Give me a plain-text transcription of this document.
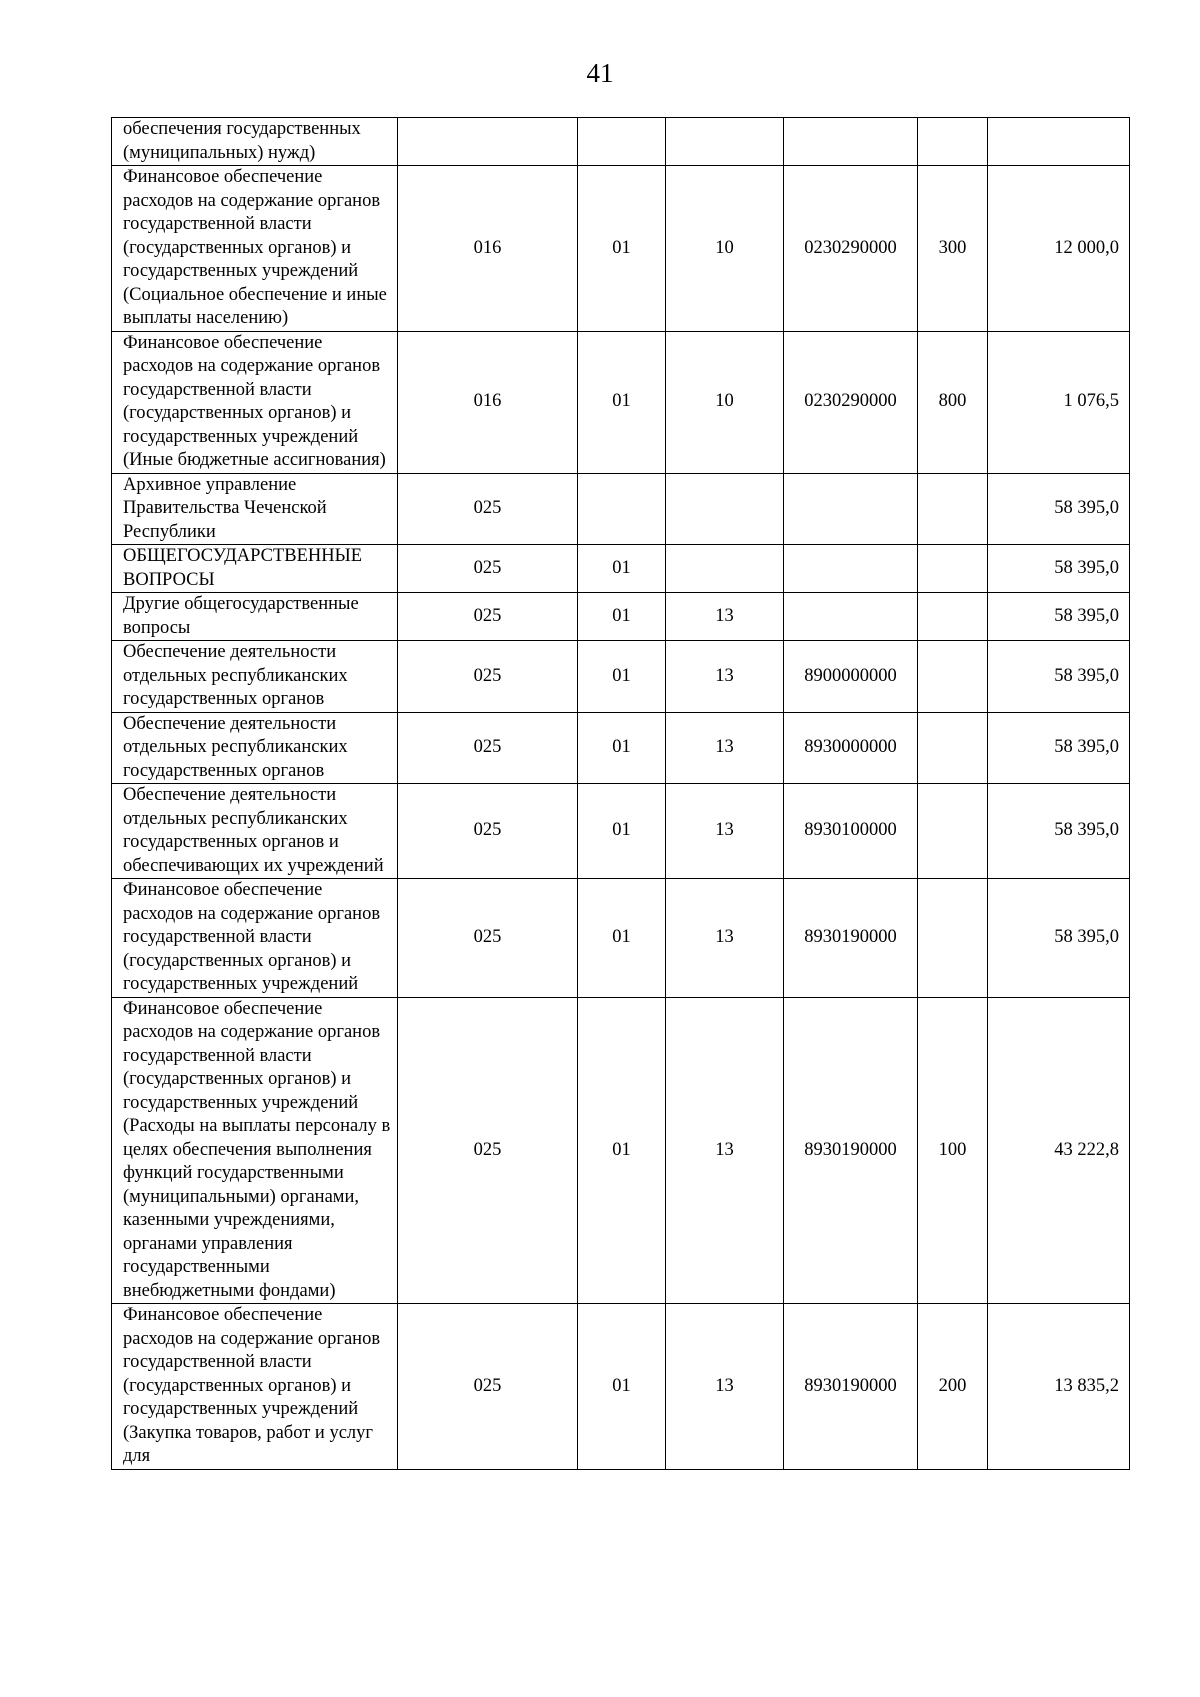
41
обеспечения государственных (муниципальных) нужд)						
Финансовое обеспечение расходов на содержание органов государственной власти (государственных органов) и государственных учреждений (Социальное обеспечение и иные выплаты населению)	016	01	10	0230290000	300	12 000,0
Финансовое обеспечение расходов на содержание органов государственной власти (государственных органов) и государственных учреждений (Иные бюджетные ассигнования)	016	01	10	0230290000	800	1 076,5
Архивное управление Правительства Чеченской Республики	025					58 395,0
ОБЩЕГОСУДАРСТВЕННЫЕ ВОПРОСЫ	025	01				58 395,0
Другие общегосударственные вопросы	025	01	13			58 395,0
Обеспечение деятельности отдельных республиканских государственных органов	025	01	13	8900000000		58 395,0
Обеспечение деятельности отдельных республиканских государственных органов	025	01	13	8930000000		58 395,0
Обеспечение деятельности отдельных республиканских государственных органов и обеспечивающих их учреждений	025	01	13	8930100000		58 395,0
Финансовое обеспечение расходов на содержание органов государственной власти (государственных органов) и государственных учреждений	025	01	13	8930190000		58 395,0
Финансовое обеспечение расходов на содержание органов государственной власти (государственных органов) и государственных учреждений (Расходы на выплаты персоналу в целях обеспечения выполнения функций государственными (муниципальными) органами, казенными учреждениями, органами управления государственными внебюджетными фондами)	025	01	13	8930190000	100	43 222,8
Финансовое обеспечение расходов на содержание органов государственной власти (государственных органов) и государственных учреждений (Закупка товаров, работ и услуг для	025	01	13	8930190000	200	13 835,2
